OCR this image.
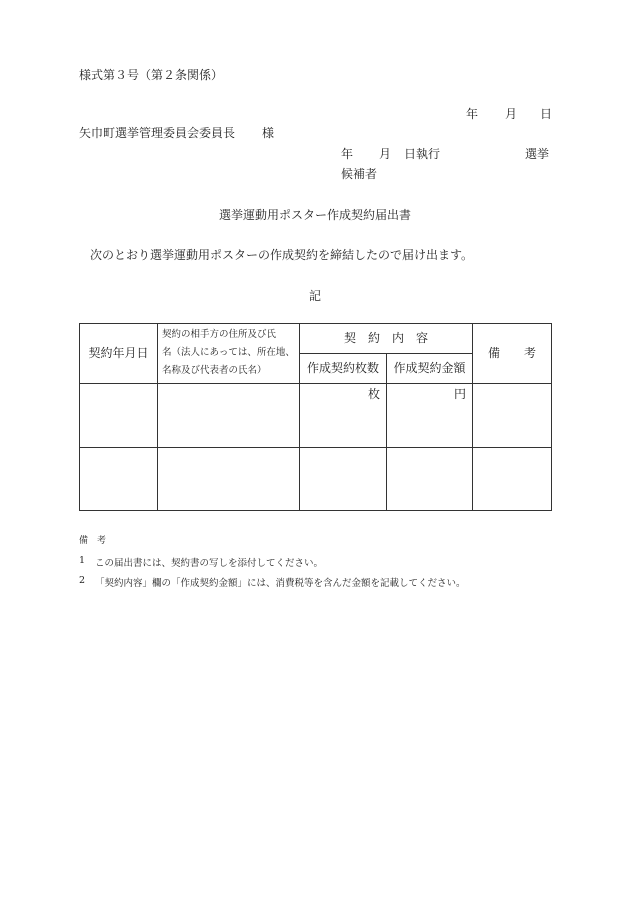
様式第３号（第２条関係）
年 月 日
矢巾町選挙管理委員会委員長 様
年 月 日執行	選挙
候補者
選挙運動用ポスター作成契約届出書
次のとおり選挙運動用ポスターの作成契約を締結したので届け出ます。
記
契約年月日	契約の相手方の住所及び氏
名（法人にあっては、所在地、
名称及び代表者の氏名）	契　約　内　容		備　　考
		作成契約枚数	作成契約金額	
		枚	円	

備　考
1 この届出書には、契約書の写しを添付してください。
2 「契約内容」欄の「作成契約金額」には、消費税等を含んだ金額を記載してください。
